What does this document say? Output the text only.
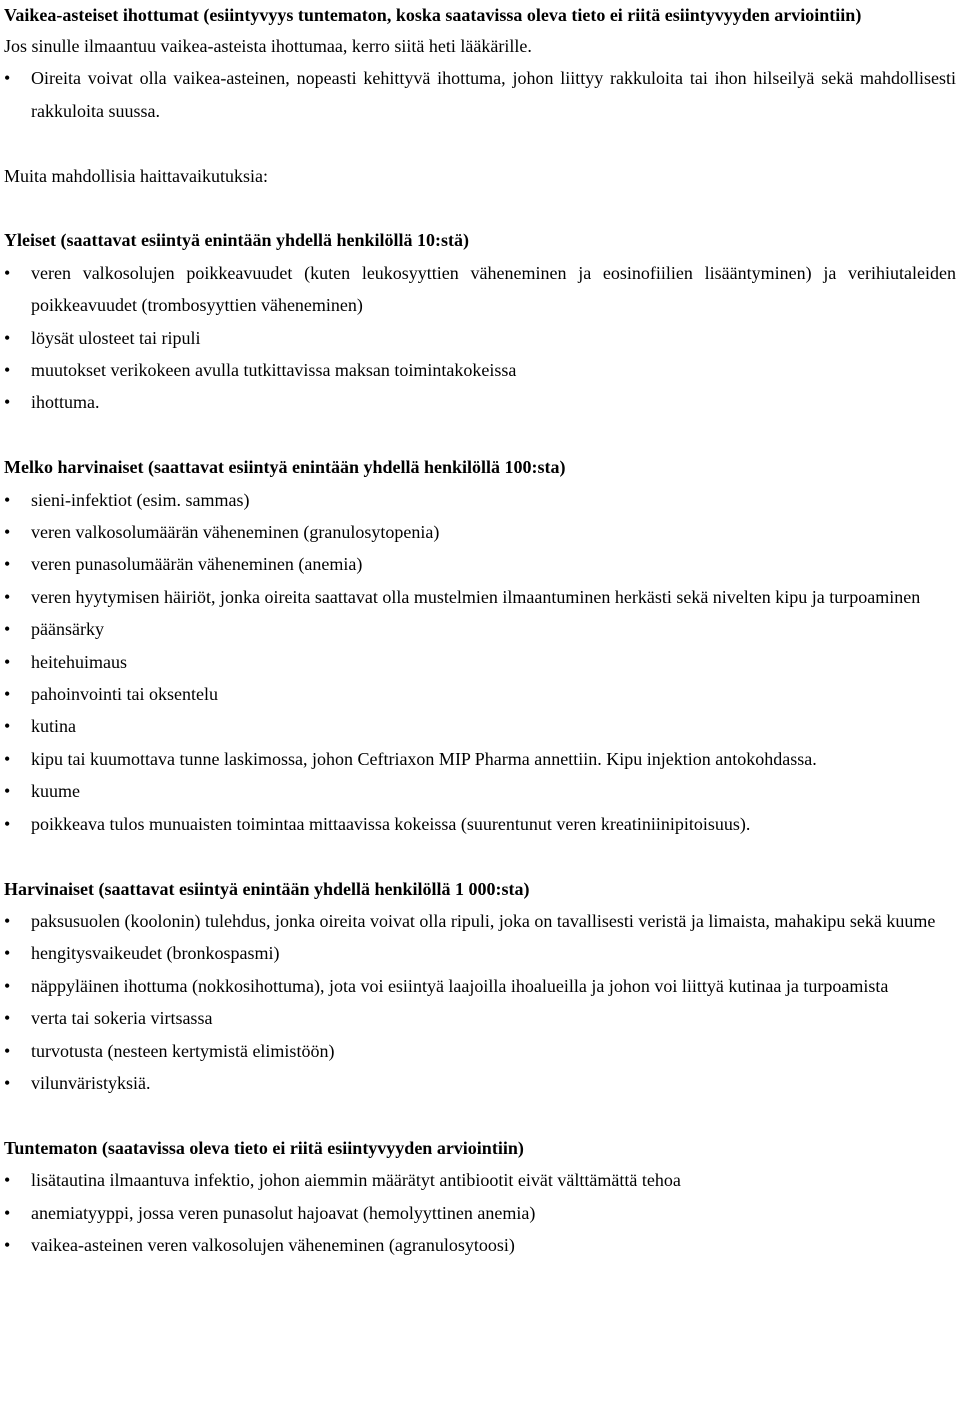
Vaikea-asteiset ihottumat (esiintyvyys tuntematon, koska saatavissa oleva tieto ei riitä esiintyvyyden arviointiin)

Jos sinulle ilmaantuu vaikea-asteista ihottumaa, kerro siitä heti lääkärille.

•	Oireita voivat olla vaikea-asteinen, nopeasti kehittyvä ihottuma, johon liittyy rakkuloita tai ihon hilseilyä sekä mahdollisesti rakkuloita suussa.

Muita mahdollisia haittavaikutuksia:

Yleiset (saattavat esiintyä enintään yhdellä henkilöllä 10:stä)

•	veren valkosolujen poikkeavuudet (kuten leukosyyttien väheneminen ja eosinofiilien lisääntyminen) ja verihiutaleiden poikkeavuudet (trombosyyttien väheneminen)
•	löysät ulosteet tai ripuli
•	muutokset verikokeen avulla tutkittavissa maksan toimintakokeissa
•	ihottuma.

Melko harvinaiset (saattavat esiintyä enintään yhdellä henkilöllä 100:sta)

•	sieni-infektiot (esim. sammas)
•	veren valkosolumäärän väheneminen (granulosytopenia)
•	veren punasolumäärän väheneminen (anemia)
•	veren hyytymisen häiriöt, jonka oireita saattavat olla mustelmien ilmaantuminen herkästi sekä nivelten kipu ja turpoaminen
•	päänsärky
•	heitehuimaus
•	pahoinvointi tai oksentelu
•	kutina
•	kipu tai kuumottava tunne laskimossa, johon Ceftriaxon MIP Pharma annettiin. Kipu injektion antokohdassa.
•	kuume
•	poikkeava tulos munuaisten toimintaa mittaavissa kokeissa (suurentunut veren kreatiniinipitoisuus).

Harvinaiset (saattavat esiintyä enintään yhdellä henkilöllä 1 000:sta)

•	paksusuolen (koolonin) tulehdus, jonka oireita voivat olla ripuli, joka on tavallisesti veristä ja limaista, mahakipu sekä kuume
•	hengitysvaikeudet (bronkospasmi)
•	näppyläinen ihottuma (nokkosihottuma), jota voi esiintyä laajoilla ihoalueilla ja johon voi liittyä kutinaa ja turpoamista
•	verta tai sokeria virtsassa
•	turvotusta (nesteen kertymistä elimistöön)
•	vilunväristyksiä.

Tuntematon (saatavissa oleva tieto ei riitä esiintyvyyden arviointiin)

•	lisätautina ilmaantuva infektio, johon aiemmin määrätyt antibiootit eivät välttämättä tehoa
•	anemiatyyppi, jossa veren punasolut hajoavat (hemolyyttinen anemia)
•	vaikea-asteinen veren valkosolujen väheneminen (agranulosytoosi)
